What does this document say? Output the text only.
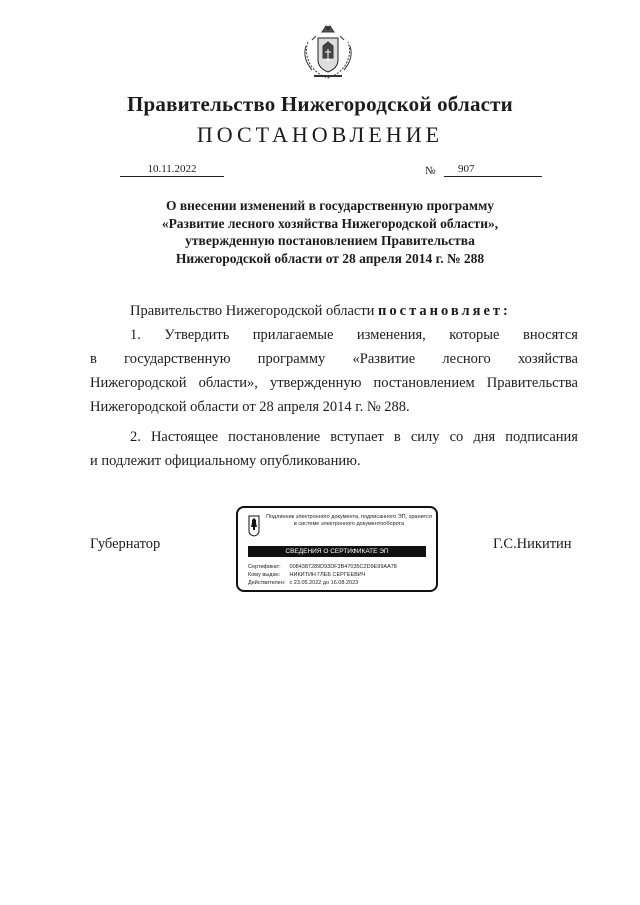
Правительство Нижегородской области
ПОСТАНОВЛЕНИЕ
10.11.2022	№	907
О внесении изменений в государственную программу
«Развитие лесного хозяйства Нижегородской области»,
утвержденную постановлением Правительства
Нижегородской области от 28 апреля 2014 г. № 288
Правительство Нижегородской области постановляет:
1. Утвердить прилагаемые изменения, которые вносятся
в государственную программу «Развитие лесного хозяйства
Нижегородской области», утвержденную постановлением Правительства
Нижегородской области от 28 апреля 2014 г. № 288.
2. Настоящее постановление вступает в силу со дня подписания
и подлежит официальному опубликованию.
Губернатор	Г.С.Никитин
Подлинник электронного документа, подписанного ЭП, хранится в системе электронного документооборота
СВЕДЕНИЯ О СЕРТИФИКАТЕ ЭП
Сертификат: 0084387289D93DF3B47035C2D9E99AA78
Кому выдан: НИКИТИН ГЛЕБ СЕРГЕЕВИЧ
Действителен: с 23.05.2022 до 16.08.2023
